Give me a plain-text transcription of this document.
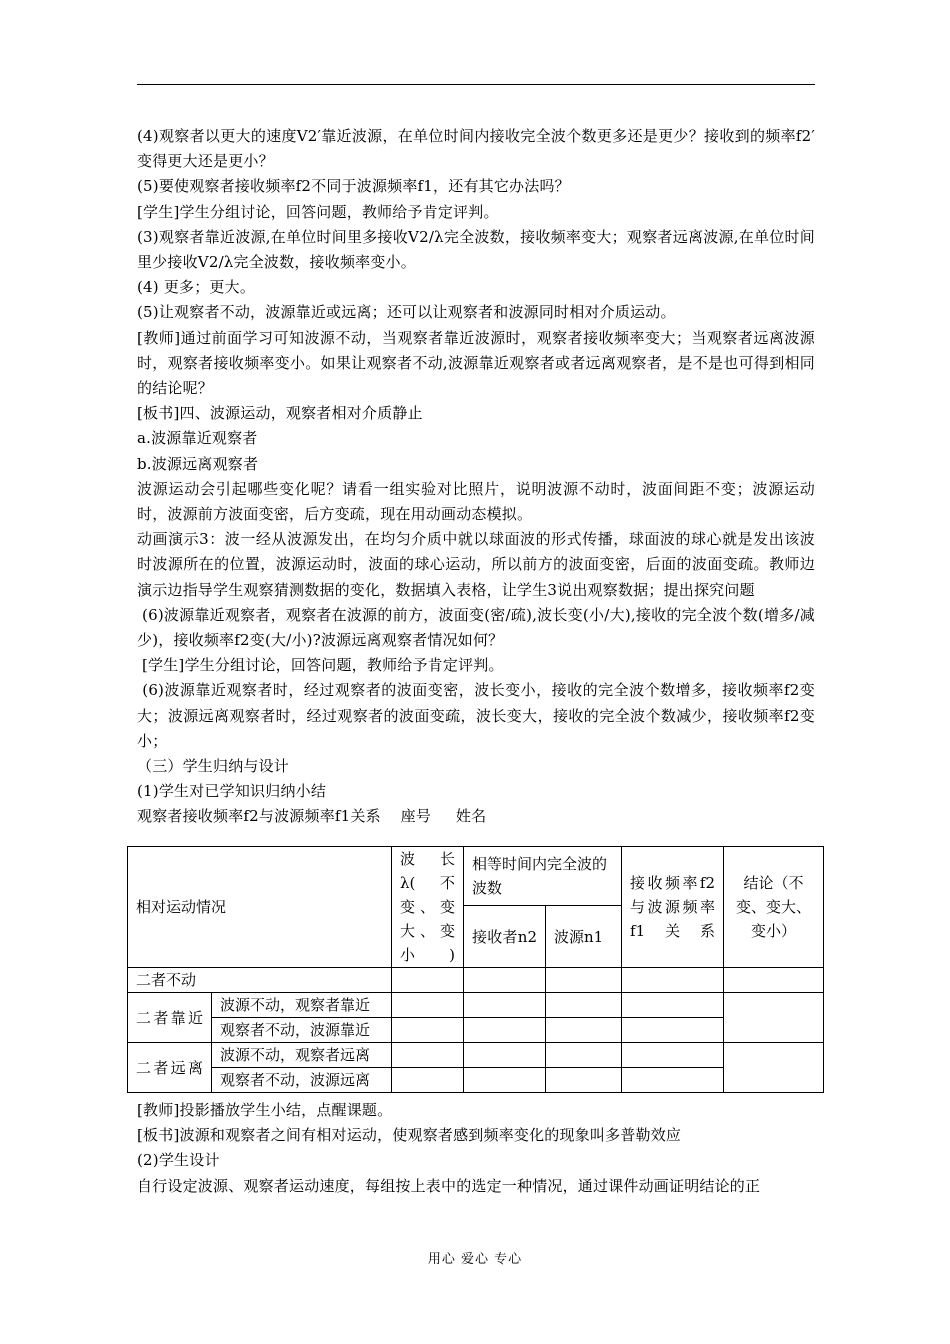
(4)观察者以更大的速度V2′靠近波源，在单位时间内接收完全波个数更多还是更少？接收到的频率f2′变得更大还是更小？

(5)要使观察者接收频率f2不同于波源频率f1，还有其它办法吗？

[学生]学生分组讨论，回答问题，教师给予肯定评判。

(3)观察者靠近波源,在单位时间里多接收V2/λ完全波数，接收频率变大；观察者远离波源,在单位时间里少接收V2/λ完全波数，接收频率变小。

(4) 更多；更大。

(5)让观察者不动，波源靠近或远离；还可以让观察者和波源同时相对介质运动。

[教师]通过前面学习可知波源不动，当观察者靠近波源时，观察者接收频率变大；当观察者远离波源时，观察者接收频率变小。如果让观察者不动,波源靠近观察者或者远离观察者，是不是也可得到相同的结论呢？

[板书]四、波源运动，观察者相对介质静止

a.波源靠近观察者

b.波源远离观察者

波源运动会引起哪些变化呢？请看一组实验对比照片，说明波源不动时，波面间距不变；波源运动时，波源前方波面变密，后方变疏，现在用动画动态模拟。

动画演示3：波一经从波源发出，在均匀介质中就以球面波的形式传播，球面波的球心就是发出该波时波源所在的位置，波源运动时，波面的球心运动，所以前方的波面变密，后面的波面变疏。教师边演示边指导学生观察猜测数据的变化，数据填入表格，让学生3说出观察数据；提出探究问题

(6)波源靠近观察者，观察者在波源的前方，波面变(密/疏),波长变(小/大),接收的完全波个数(增多/减少)，接收频率f2变(大/小)?波源远离观察者情况如何？

[学生]学生分组讨论，回答问题，教师给予肯定评判。

(6)波源靠近观察者时，经过观察者的波面变密，波长变小，接收的完全波个数增多，接收频率f2变大；波源远离观察者时，经过观察者的波面变疏，波长变大，接收的完全波个数减少，接收频率f2变小；

（三）学生归纳与设计

(1)学生对已学知识归纳小结

观察者接收频率f2与波源频率f1关系    座号     姓名

相对运动情况		波长λ(不变、变大、变小)	相等时间内完全波的波数		接收频率f2与波源频率f1关系	结论（不变、变大、变小）
			接收者n2	波源n1		
二者不动						
二者靠近	波源不动，观察者靠近					
	观察者不动，波源靠近					
二者远离	波源不动，观察者远离					
	观察者不动，波源远离					

[教师]投影播放学生小结，点醒课题。

[板书]波源和观察者之间有相对运动，使观察者感到频率变化的现象叫多普勒效应

(2)学生设计

自行设定波源、观察者运动速度，每组按上表中的选定一种情况，通过课件动画证明结论的正

用心 爱心 专心
